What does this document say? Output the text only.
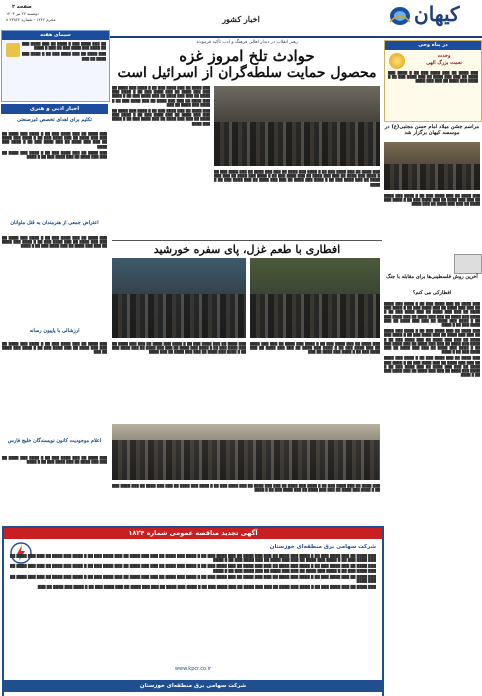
صفحه ۲
دوشنبه ۲۴ تیر ۱۴۰۳
۸ محرم ۱۴۴۶ - شماره ۲۳۸۲۲	اخبار کشور	کیهان
سیمای هفته

██ ███ ████ ███ █ ████ ██ ███ ████ ███ ██ ████ ███ ████ ███ ██ ███ █ ████

███ ████ ██ ███ ████ ███ ██ █ ████ ███ ████ ██ ███

اخبار ادبی و هنری
تکلیم برای اهدای تخصص غیرصنعتی

███ ████ ██ ███ ████ ███ ██ █ ████ ███ ████ ██ ███ ███ ████ ██ ███ ████ ███ ██ █ ████ ███ ████ ██ ███ ███ ████ ██ ███ ████ ███ ██ █ ████ ███ ████

███ ████ ██ ███ ████ ███ ██ █ ████ ███ ████ ██ ███ ███ ████ ██ ███ ████ ███ ██ █ ████

اعتراض جمعی از هنرمندان به قتل ملوانان

███ ████ ██ ███ ████ ███ ██ █ ████ ███ ████ ██ ███ ███ ████ ██ ███ ████ ███ ██ █ ████ ███ ████ ██ ███ ███ ████ ██ ███ ████ ███ ██ █ ████

ارزشالی با پاپیون رسانه

███ ████ ██ ███ ████ ███ ██ █ ████ ███ ████ ██ ███ ███ ████ ██ ███ ████ ███ ██ █ ████ ███ ████ ██ ███

اعلام موجودیت کانون نویسندگان خلیج فارس

███ ████ ██ ███ ████ ███ ██ █ ████ ███ ████ ██ ███ ███ ████ ██ ███ ████ ███ ██ █ ████

رهبر انقلاب در دیدار اهالی فرهنگ و ادب تأکید فرمودند
حوادث تلخ امروز غزه
محصول حمایت سلطه‌گران از اسرائیل است

███ ████ ██ ███ ████ ███ ██ █ ████ ███ ████ ██ ███ ███ ████ ██ ███ ████ ███ ██ █ ████ ███ ████ ██ ███ ███ ████ ██ ███ ████ ███ ██ █ ████ ███ ████ ██ ███ ███ ████ ██ ███ ████ ███ ██ █ ████ ███ ████ ██ ███

███ ████ ██ ███ ████ ███ ██ █ ████ ███ ████ ██ ███ ███ ████ ██ ███ ████ ███ ██ █ ████ ███ ████ ██ ███ ███ ████ ██ ███ ████ ███ ██ █ ████ ███ ████

███ ████ ██ ███ ████ ███ ██ █ ████ ███ ████ ██ ███ ███ ████ ██ ███ ████ ███ ██ █ ████ ███ ████ ██ ███ ███ ████ ██ ███ ████ ███ ██ █ ████ ███ ████ ██ ███ ███ ████ ██ ███ ████ ███ ██ █ ████ ███ ████ ██ ███ ███ ████ ██ ███ ████ ███ ██ █ ████

افطاری با طعم غزل، پای سفره خورشید

███ ████ ██ ███ ████ ███ ██ █ ████ ███ ████ ██ ███ ███ ████ ██ ███ ████ ███ ██ █ ████ ███ ████ ██ ███ ███ ████ ██ ███ ████ ███ ██ █ ████ ███ ████ ██ ███ ███ ████ ██ ███ ████

███ ████ ██ ███ ████ ███ ██ █ ████ ███ ████ ██ ███ ███ ████ ██ ███ ████ ███ ██ █ ████ ███ ████ ██ ███ ███ ████ ██ ███ ████ ███ ██ █ ████ ███ ████ ██ ███

███ ████ ██ ███ ████ ███ ██ █ ████ ███ ████ ██ ███ ███ ████ ██ ███ ████ ███ ██ █ ████ ███ ████ ██ ███ ███ ████ ██ ███ ████ ███ ██ █ ████ ███ ████ ██ ███ ███ ████ ██ ███ ████ ███ ██ █ ████

در پناه وحی
وحدت
نعمت بزرگ الهی

███ ████ ██ ███ ████ ███ ██ █ ████ ███ ████ ██ ███ ███ ████ ██ ███ ████ ███ ██ █ ████ ███ ████ ██ ███ ███ ████

مراسم جشن میلاد امام حسن مجتبی(ع) در موسسه کیهان برگزار شد

███ ████ ██ ███ ████ ███ ██ █ ████ ███ ████ ██ ███ ███ ████ ██ ███ ████ ███ ██ █ ████ ███ ████ ██ ███ ███ ████ ██ ███ ████

آخرین روش فلسطینی‌ها برای مقابله با جنگ
افطارکی می کنم؟

███ ████ ██ ███ ████ ███ ██ █ ████ ███ ████ ██ ███ ███ ████ ██ ███ ████ ███ ██ █ ████ ███ ████ ██ ███ ███ ████ ██ ███ ████ ███ ██ █ ████ ███ ████ ██ ███ ███ ████ ██ ███ ████ ███ ██ █ ████ ███ ████ ██ ███ ███ ████ ██ ███ ████ ███ ██ █ ████

███ ████ ██ ███ ████ ███ ██ █ ████ ███ ████ ██ ███ ███ ████ ██ ███ ████ ███ ██ █ ████ ███ ████ ██ ███ ███ ████ ██ ███ ████ ███ ██ █ ████ ███ ████ ██ ███ ███ ████ ██ ███ ████ ███ ██ █ ████ ███ ████ ██ ███ ███ ████ ██ ███ ████ ███ ██ █ ████

███ ████ ██ ███ ████ ███ ██ █ ████ ███ ████ ██ ███ ███ ████ ██ ███ ████ ███ ██ █ ████ ███ ████ ██ ███ ███ ████ ██ ███ ████ ███ ██ █ ████ ███ ████ ██ ███ ███ ████ ██ ███ ████ ███ ██ █ ████

آگهی تجدید مناقصه عمومی شماره ۱۸۲۴
شرکت سهامی برق منطقه‌ای خوزستان

███ ████ ██ ███ ████ ███ ██ █ ████ ███ ████ ██ ███ ███ ████ ██ ███ ████ ███ ██ █ ████ ███ ████ ██ ███ ███ ████ ██ ███ ████ ███ ██ █ ████ ███ ████ ██ ███ ███ ████ ██ ███ ████ ███ ██ █ ████ ███ ████ ██ ███ ███ ████ ██ ███ ████ ███ ██ █ ████

███ ████ ██ ███ ████ ███ ██ █ ████ ███ ████ ██ ███ ███ ████ ██ ███ ████ ███ ██ █ ████ ███ ████ ██ ███ ███ ████ ██ ███ ████ ███ ██ █ ████ ███ ████ ██ ███ ███ ████ ██ ███ ████ ███ ██ █ ████ ███ ████ ██ ███ ███ ████ ██ ███ ████ ███ ██ █ ████

███ ████ ██ ███ ████ ███ ██ █ ████ ███ ████ ██ ███ ███ ████ ██ ███ ████ ███ ██ █ ████ ███ ████ ██ ███ ███ ████ ██ ███ ████ ███ ██ █ ████ ███ ████ ██ ███ ███ ████ ██ ███ ████

███ ████ ██ ███ ████ ███ ██ █ ████ ███ ████ ██ ███ ███ ████ ██ ███ ████ ███ ██ █ ████ ███ ████ ██ ███ ███ ████ ██ ███ ████ ███ ██ █ ████ ███ ████ ██ ███

www.kpcr.co.ir
شرکت سهامی برق منطقه‌ای خوزستان
